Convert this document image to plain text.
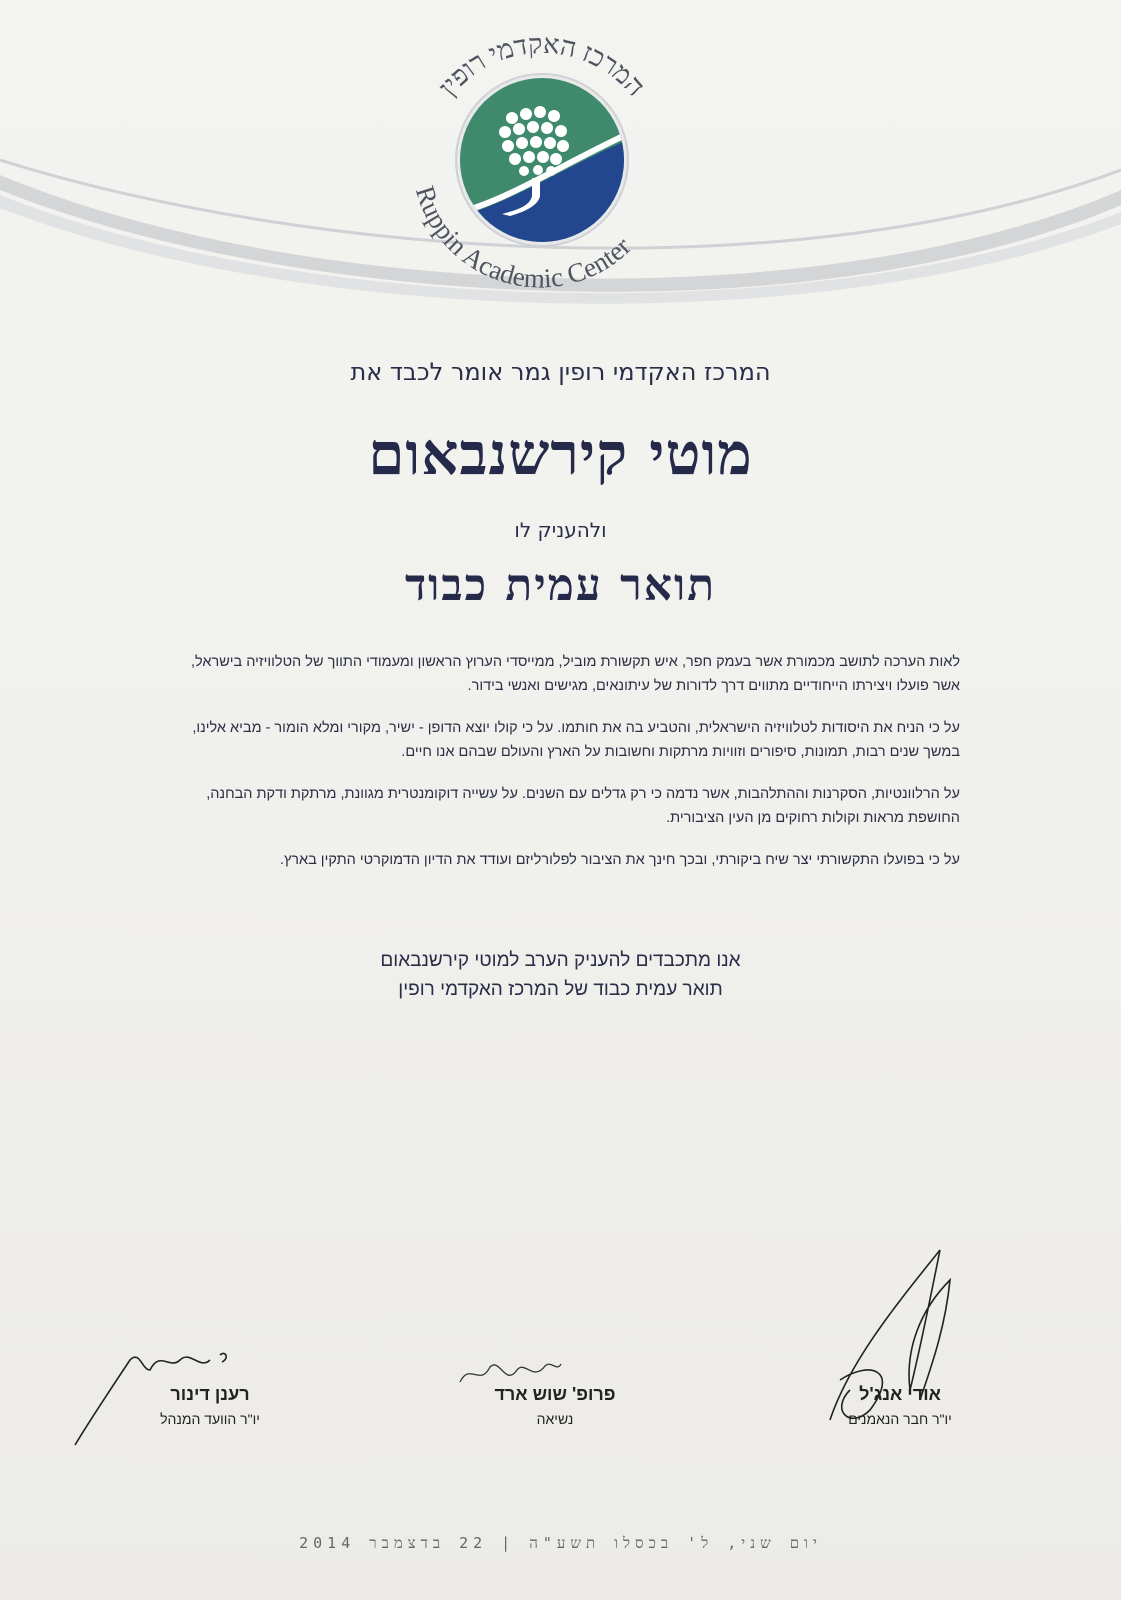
המרכז האקדמי רופין
Ruppin Academic Center
המרכז האקדמי רופין גמר אומר לכבד את
מוטי קירשנבאום
ולהעניק לו
תואר עמית כבוד

לאות הערכה לתושב מכמורת אשר בעמק חפר, איש תקשורת מוביל, ממייסדי הערוץ הראשון ומעמודי התווך של הטלוויזיה בישראל, אשר פועלו ויצירתו הייחודיים מתווים דרך לדורות של עיתונאים, מגישים ואנשי בידור.

על כי הניח את היסודות לטלוויזיה הישראלית, והטביע בה את חותמו. על כי קולו יוצא הדופן - ישיר, מקורי ומלא הומור - מביא אלינו, במשך שנים רבות, תמונות, סיפורים וזוויות מרתקות וחשובות על הארץ והעולם שבהם אנו חיים.

על הרלוונטיות, הסקרנות וההתלהבות, אשר נדמה כי רק גדלים עם השנים. על עשייה דוקומנטרית מגוונת, מרתקת ודקת הבחנה, החושפת מראות וקולות רחוקים מן העין הציבורית.

על כי בפועלו התקשורתי יצר שיח ביקורתי, ובכך חינך את הציבור לפלורליזם ועודד את הדיון הדמוקרטי התקין בארץ.

אנו מתכבדים להעניק הערב למוטי קירשנבאום
תואר עמית כבוד של המרכז האקדמי רופין
אודי אנג'ל
יו"ר חבר הנאמנים
פרופ' שוש ארד
נשיאה
רענן דינור
יו"ר הוועד המנהל
יום שני, ל' בכסלו תשע"ה | 22 בדצמבר 2014
